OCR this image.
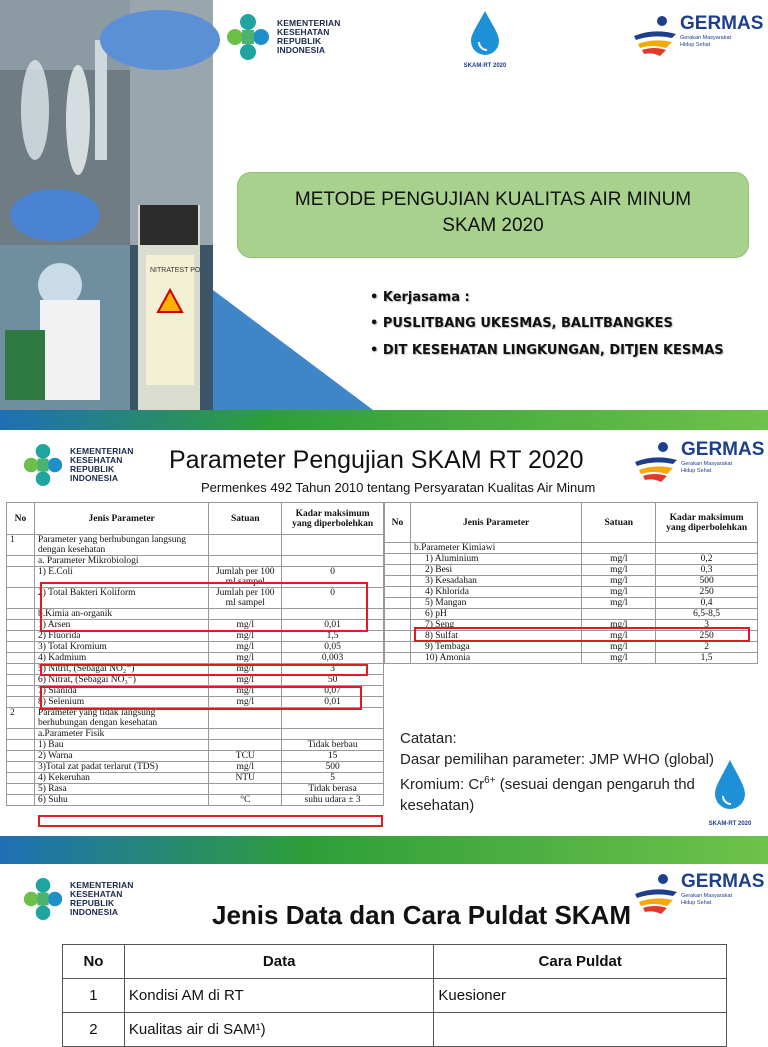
NITRATEST PO
KEMENTERIAN
KESEHATAN
REPUBLIK
INDONESIA
SKAM-RT 2020
GERMAS
Gerakan Masyarakat
Hidup Sehat
METODE PENGUJIAN KUALITAS AIR MINUM
SKAM 2020
• Kerjasama :
• PUSLITBANG UKESMAS, BALITBANGKES
• DIT KESEHATAN LINGKUNGAN, DITJEN KESMAS
KEMENTERIAN
KESEHATAN
REPUBLIK
INDONESIA
Parameter Pengujian SKAM RT 2020
Permenkes 492 Tahun 2010 tentang Persyaratan Kualitas Air Minum
GERMAS
Gerakan Masyarakat
Hidup Sehat
No	Jenis Parameter	Satuan	Kadar maksimum yang diperbolehkan
1	Parameter yang berhubungan langsung dengan kesehatan		
	a. Parameter Mikrobiologi		
	1) E.Coli	Jumlah per 100 ml sampel	0
	2) Total Bakteri Koliform	Jumlah per 100 ml sampel	0
	b.Kimia an-organik		
	1) Arsen	mg/l	0,01
	2) Fluorida	mg/l	1,5
	3) Total Kromium	mg/l	0,05
	4) Kadmium	mg/l	0,003
	5) Nitrit, (Sebagai NO₂⁻)	mg/l	3
	6) Nitrat, (Sebagai NO₃⁻)	mg/l	50
	7) Sianida	mg/l	0,07
	8) Selenium	mg/l	0,01
2	Parameter yang tidak langsung berhubungan dengan kesehatan		
	a.Parameter Fisik		
	1) Bau		Tidak berbau
	2) Warna	TCU	15
	3)Total zat padat terlarut (TDS)	mg/l	500
	4) Kekeruhan	NTU	5
	5) Rasa		Tidak berasa
	6) Suhu	°C	suhu udara ± 3
No	Jenis Parameter	Satuan	Kadar maksimum yang diperbolehkan
	b.Parameter Kimiawi		
	1) Aluminium	mg/l	0,2
	2) Besi	mg/l	0,3
	3) Kesadahan	mg/l	500
	4) Khlorida	mg/l	250
	5) Mangan	mg/l	0,4
	6) pH		6,5-8,5
	7) Seng	mg/l	3
	8) Sulfat	mg/l	250
	9) Tembaga	mg/l	2
	10) Amonia	mg/l	1,5
Catatan:
Dasar pemilihan parameter: JMP WHO (global)
Kromium: $Cr^{6+}$ (sesuai dengan pengaruh thd
kesehatan)
SKAM-RT 2020
KEMENTERIAN
KESEHATAN
REPUBLIK
INDONESIA	Jenis Data dan Cara Puldat SKAM
GERMAS
Gerakan Masyarakat
Hidup Sehat
No	Data	Cara Puldat
1	Kondisi AM di RT	Kuesioner
2	Kualitas air di SAM¹)	
